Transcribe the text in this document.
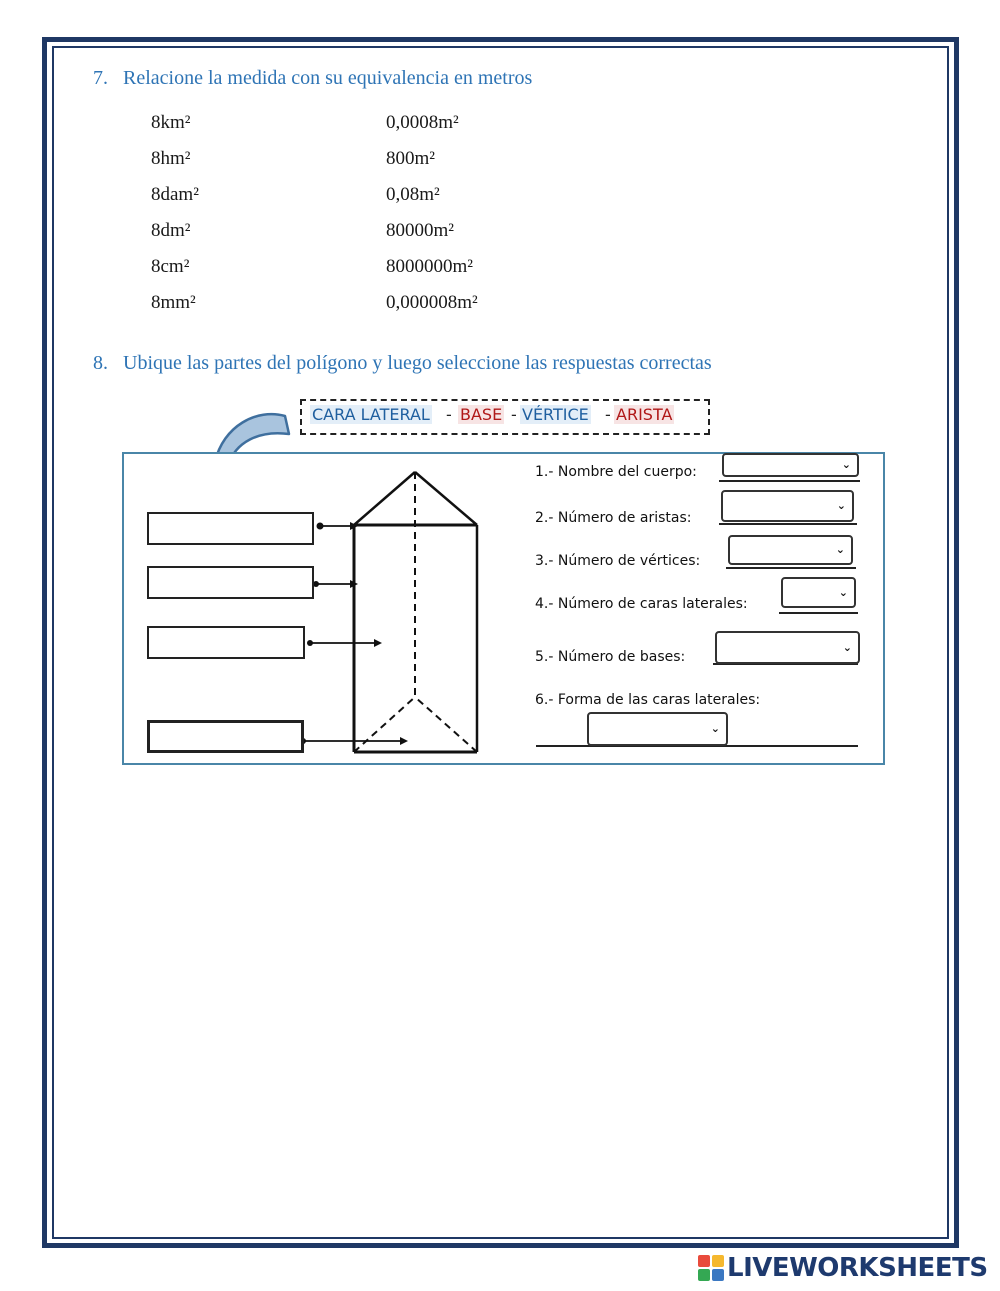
7. Relacione la medida con su equivalencia en metros
8km²
8hm²
8dam²
8dm²
8cm²
8mm²
0,0008m²
800m²
0,08m²
80000m²
8000000m²
0,000008m²
8. Ubique las partes del polígono y luego seleccione las respuestas correctas
CARA LATERAL - BASE - VÉRTICE - ARISTA
1.- Nombre del cuerpo:	⌄
2.- Número de aristas:
⌄
3.- Número de vértices:
⌄
4.- Número de caras laterales:
⌄
5.- Número de bases:
⌄
6.- Forma de las caras laterales:
⌄
LIVEWORKSHEETS
